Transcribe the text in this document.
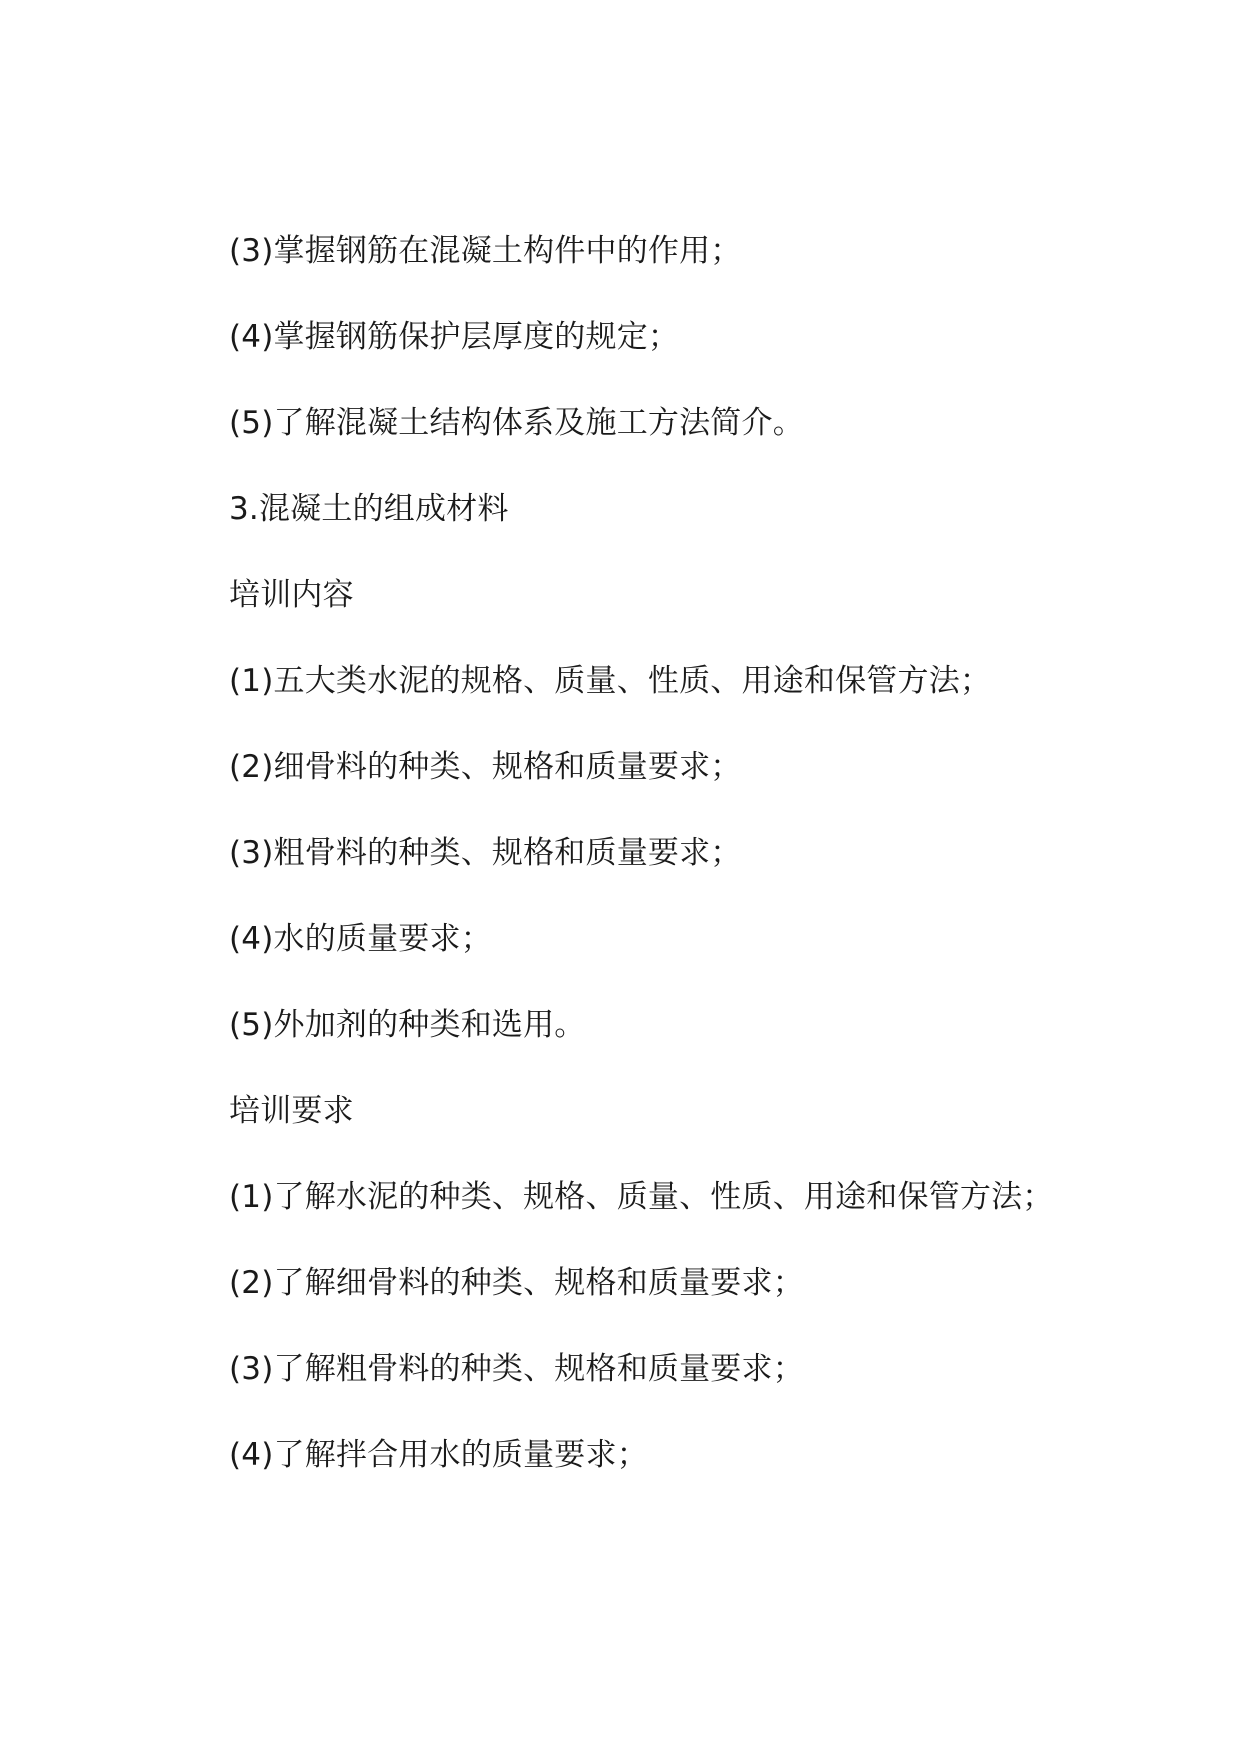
(3)掌握钢筋在混凝土构件中的作用；
(4)掌握钢筋保护层厚度的规定；
(5)了解混凝土结构体系及施工方法简介。
3.混凝土的组成材料
培训内容
(1)五大类水泥的规格、质量、性质、用途和保管方法；
(2)细骨料的种类、规格和质量要求；
(3)粗骨料的种类、规格和质量要求；
(4)水的质量要求；
(5)外加剂的种类和选用。
培训要求
(1)了解水泥的种类、规格、质量、性质、用途和保管方法；
(2)了解细骨料的种类、规格和质量要求；
(3)了解粗骨料的种类、规格和质量要求；
(4)了解拌合用水的质量要求；
